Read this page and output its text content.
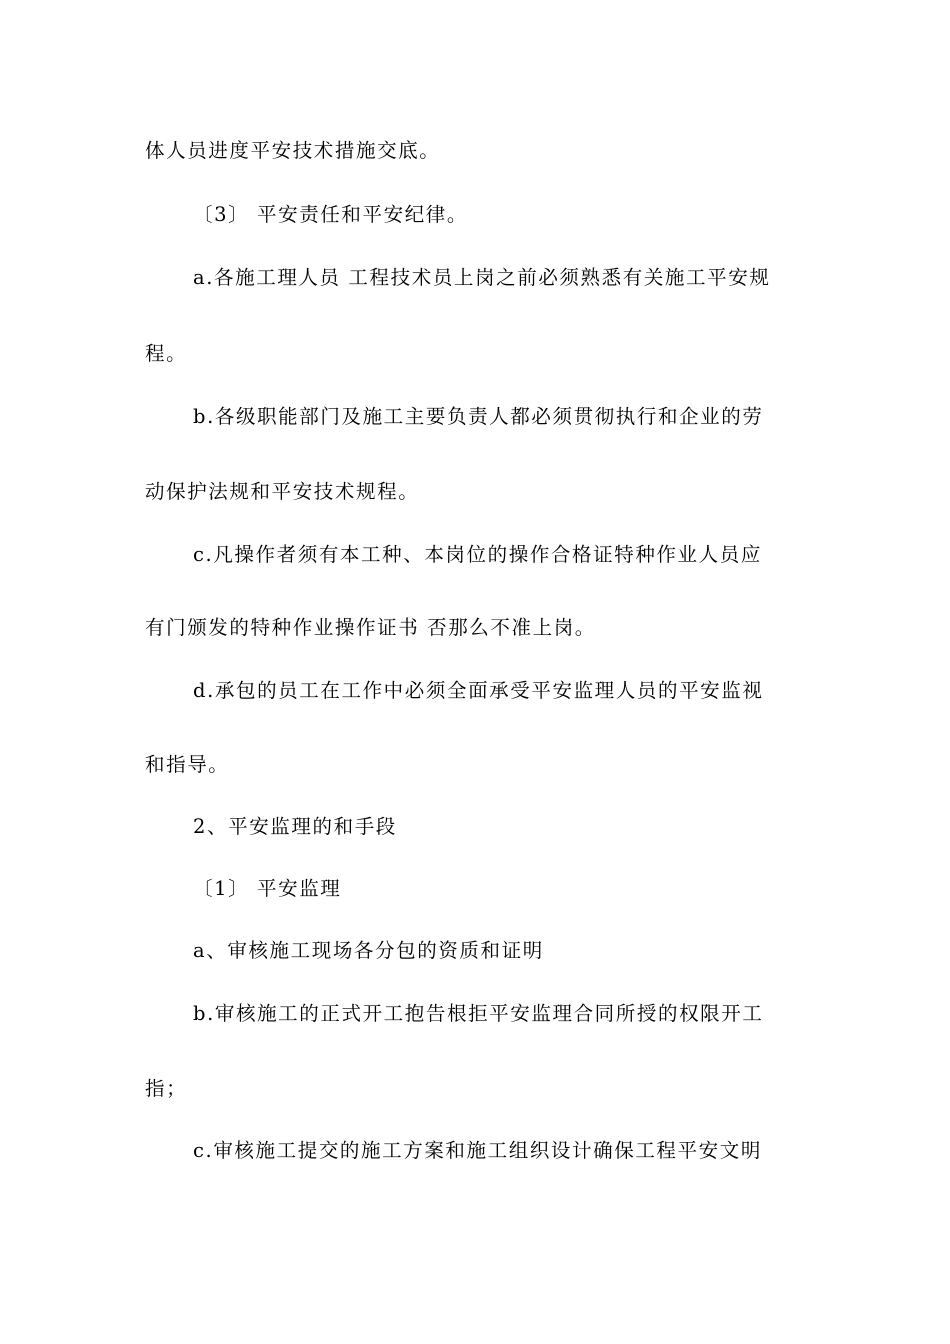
体人员进度平安技术措施交底。
〔3〕 平安责任和平安纪律。
a.各施工理人员 工程技术员上岗之前必须熟悉有关施工平安规
程。
b.各级职能部门及施工主要负责人都必须贯彻执行和企业的劳
动保护法规和平安技术规程。
c.凡操作者须有本工种、本岗位的操作合格证特种作业人员应
有门颁发的特种作业操作证书 否那么不准上岗。
d.承包的员工在工作中必须全面承受平安监理人员的平安监视
和指导。
2、平安监理的和手段
〔1〕 平安监理
a、审核施工现场各分包的资质和证明
b.审核施工的正式开工抱告根拒平安监理合同所授的权限开工
指；
c.审核施工提交的施工方案和施工组织设计确保工程平安文明
